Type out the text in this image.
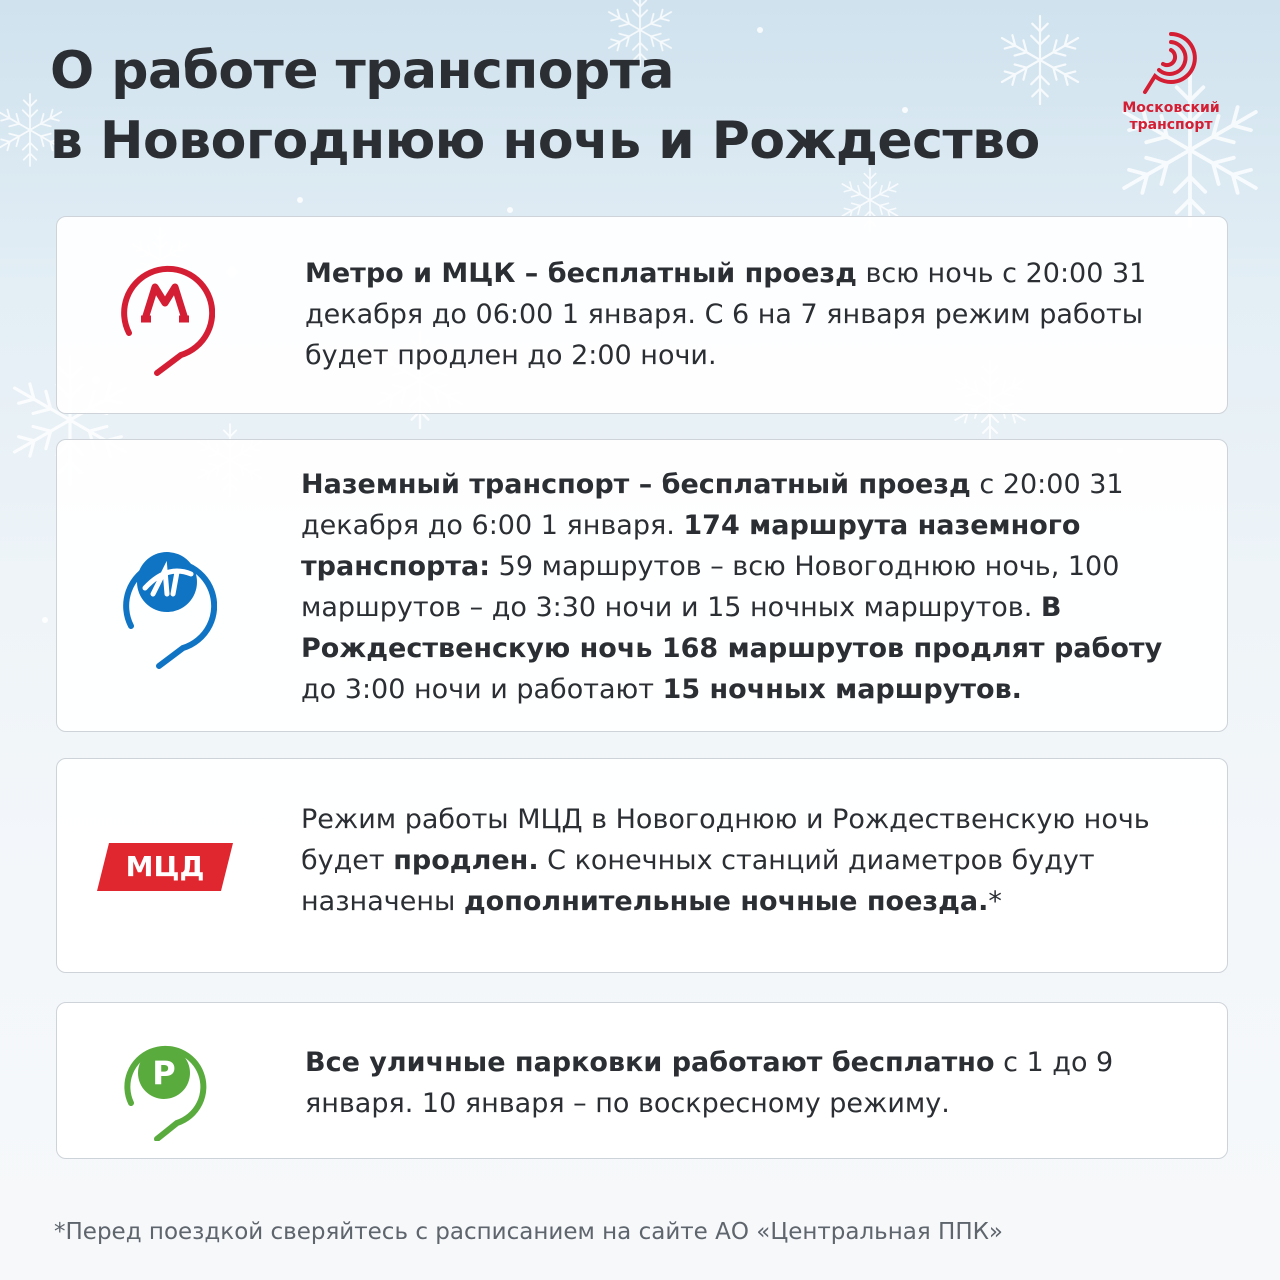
О работе транспорта
в Новогоднюю ночь и Рождество
Московский
транспорт
Метро и МЦК – бесплатный проезд всю ночь с 20:00 31 декабря до 06:00 1 января. С 6 на 7 января режим работы будет продлен до 2:00 ночи.
Наземный транспорт – бесплатный проезд с 20:00 31 декабря до 6:00 1 января. 174 маршрута наземного транспорта: 59 маршрутов – всю Новогоднюю ночь, 100 маршрутов – до 3:30 ночи и 15 ночных маршрутов. В Рождественскую ночь 168 маршрутов продлят работу до 3:00 ночи и работают 15 ночных маршрутов.
МЦД
Режим работы МЦД в Новогоднюю и Рождественскую ночь будет продлен. С конечных станций диаметров будут назначены дополнительные ночные поезда.*
P	Все уличные парковки работают бесплатно с 1 до 9 января. 10 января – по воскресному режиму.
*Перед поездкой сверяйтесь с расписанием на сайте АО «Центральная ППК»
